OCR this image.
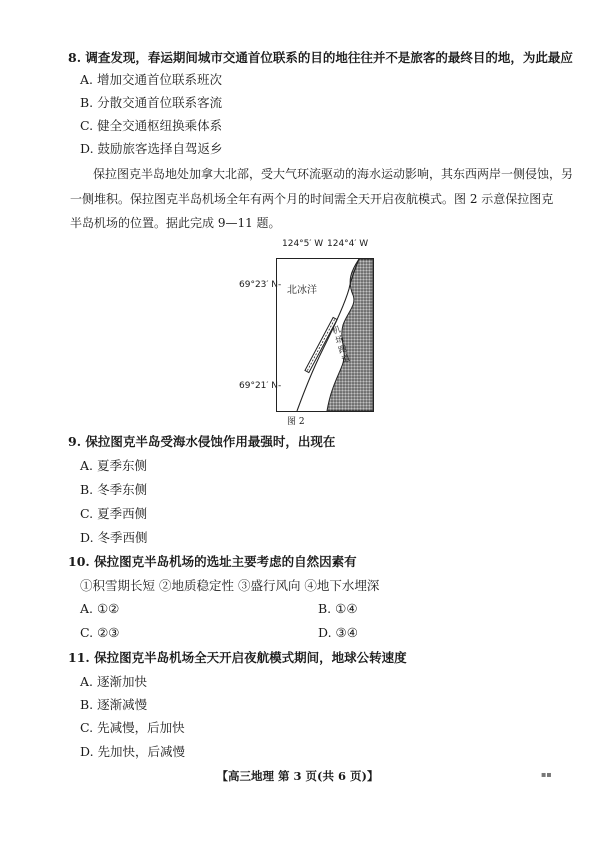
8. 调查发现，春运期间城市交通首位联系的目的地往往并不是旅客的最终目的地，为此最应
A. 增加交通首位联系班次
B. 分散交通首位联系客流
C. 健全交通枢纽换乘体系
D. 鼓励旅客选择自驾返乡
保拉图克半岛地处加拿大北部，受大气环流驱动的海水运动影响，其东西两岸一侧侵蚀，另
一侧堆积。保拉图克半岛机场全年有两个月的时间需全天开启夜航模式。图 2 示意保拉图克
半岛机场的位置。据此完成 9—11 题。
124°5′ W 124°4′ W
69°23′ N-
69°21′ N-
北冰洋
机场跑道
图 2
9. 保拉图克半岛受海水侵蚀作用最强时，出现在
A. 夏季东侧
B. 冬季东侧
C. 夏季西侧
D. 冬季西侧
10. 保拉图克半岛机场的选址主要考虑的自然因素有
①积雪期长短 ②地质稳定性 ③盛行风向 ④地下水埋深
A. ①②	B. ①④
C. ②③	D. ③④
11. 保拉图克半岛机场全天开启夜航模式期间，地球公转速度
A. 逐渐加快
B. 逐渐减慢
C. 先减慢，后加快
D. 先加快，后减慢
【高三地理 第 3 页(共 6 页)】	▪▪
